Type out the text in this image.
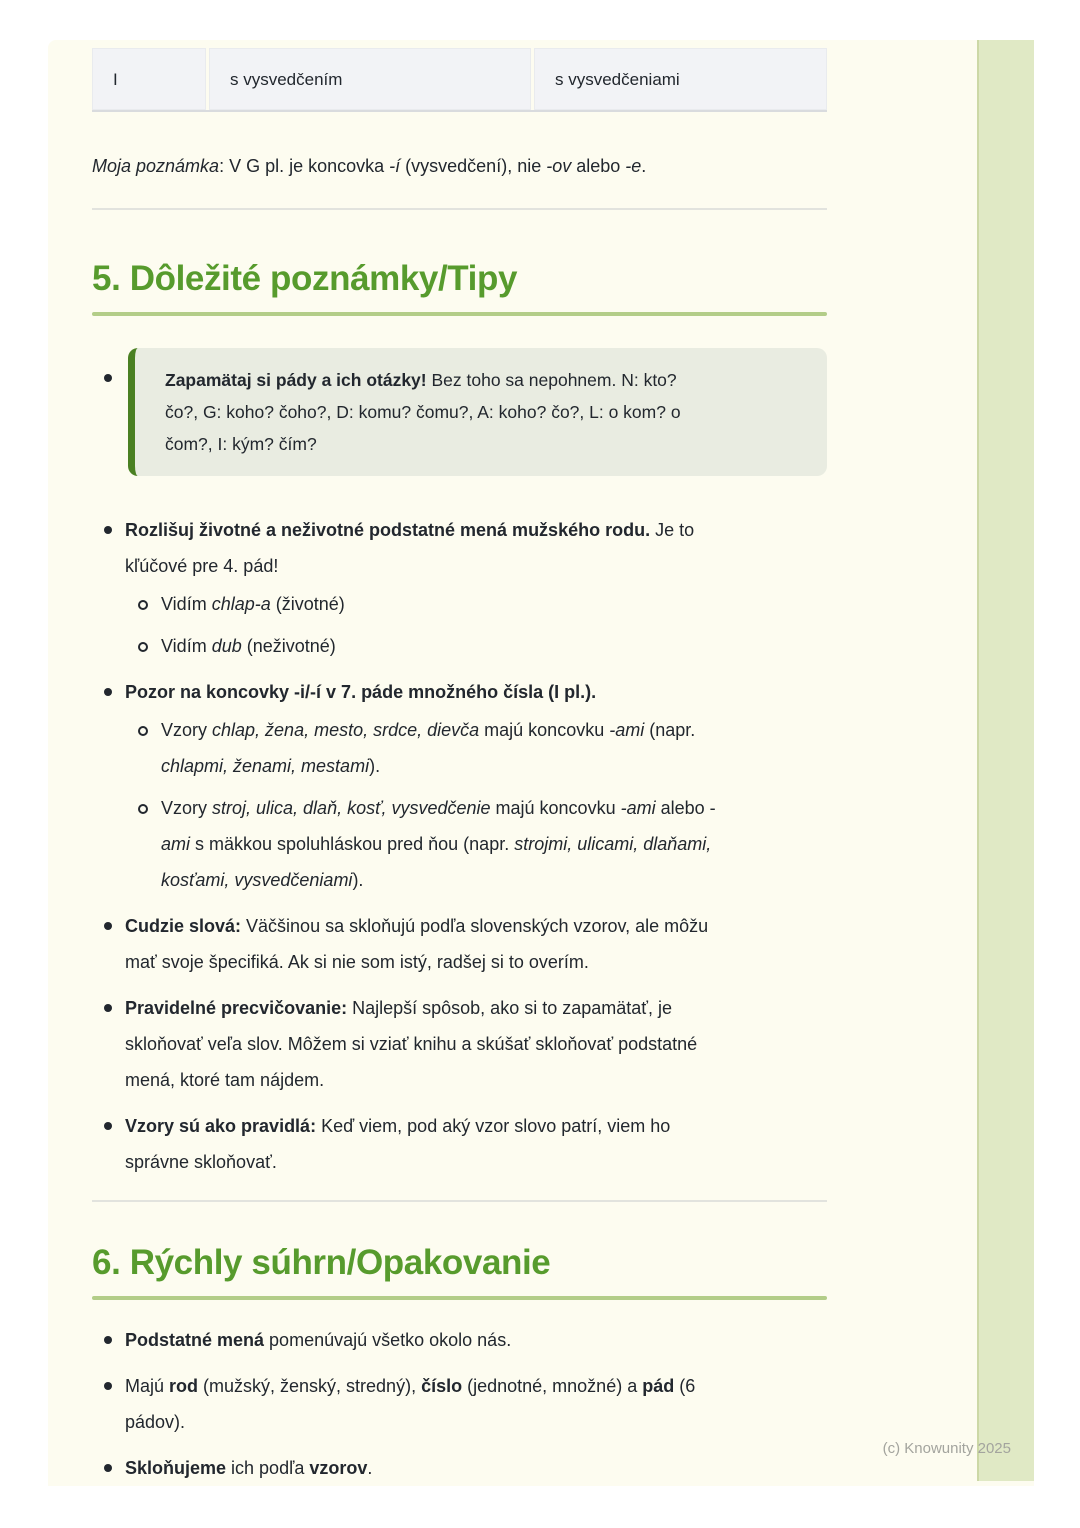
I	s vysvedčením	s vysvedčeniami

Moja poznámka: V G pl. je koncovka -í (vysvedčení), nie -ov alebo -e.

5. Dôležité poznámky/Tipy
Zapamätaj si pády a ich otázky! Bez toho sa nepohnem. N: kto?
čo?, G: koho? čoho?, D: komu? čomu?, A: koho? čo?, L: o kom? o
čom?, I: kým? čím?
Rozlišuj životné a neživotné podstatné mená mužského rodu. Je to
kľúčové pre 4. pád!
Vidím chlap-a (životné)
Vidím dub (neživotné)
Pozor na koncovky -i/-í v 7. páde množného čísla (I pl.).
Vzory chlap, žena, mesto, srdce, dievča majú koncovku -ami (napr.
chlapmi, ženami, mestami).
Vzory stroj, ulica, dlaň, kosť, vysvedčenie majú koncovku -ami alebo -
ami s mäkkou spoluhláskou pred ňou (napr. strojmi, ulicami, dlaňami,
kosťami, vysvedčeniami).
Cudzie slová: Väčšinou sa skloňujú podľa slovenských vzorov, ale môžu
mať svoje špecifiká. Ak si nie som istý, radšej si to overím.
Pravidelné precvičovanie: Najlepší spôsob, ako si to zapamätať, je
skloňovať veľa slov. Môžem si vziať knihu a skúšať skloňovať podstatné
mená, ktoré tam nájdem.
Vzory sú ako pravidlá: Keď viem, pod aký vzor slovo patrí, viem ho
správne skloňovať.
6. Rýchly súhrn/Opakovanie
Podstatné mená pomenúvajú všetko okolo nás.
Majú rod (mužský, ženský, stredný), číslo (jednotné, množné) a pád (6
pádov).
Skloňujeme ich podľa vzorov.
(c) Knowunity 2025
